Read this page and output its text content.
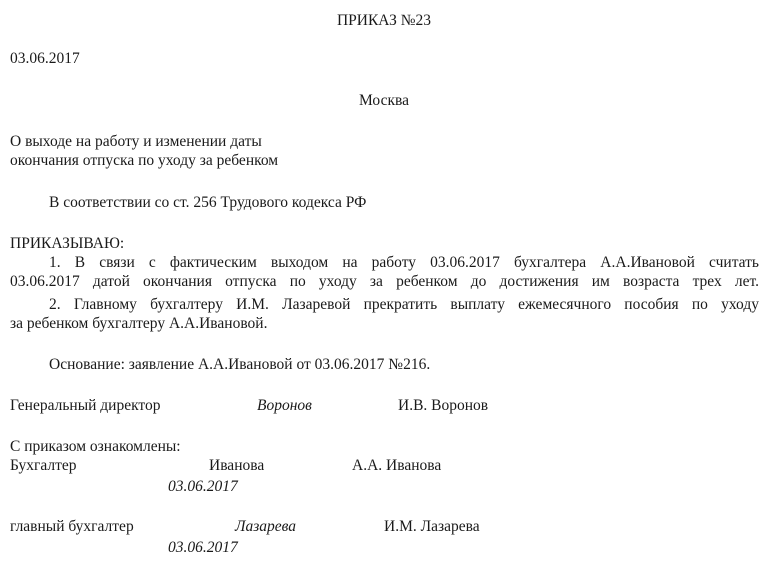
ПРИКАЗ №23
03.06.2017
Москва
О выходе на работу и изменении даты
окончания отпуска по уходу за ребенком
В соответствии со ст. 256 Трудового кодекса РФ
ПРИКАЗЫВАЮ:
1. В связи с фактическим выходом на работу 03.06.2017 бухгалтера А.А.Ивановой считать
03.06.2017 датой окончания отпуска по уходу за ребенком до достижения им возраста трех лет.
2. Главному бухгалтеру И.М. Лазаревой прекратить выплату ежемесячного пособия по уходу
за ребенком бухгалтеру А.А.Ивановой.
Основание: заявление А.А.Ивановой от 03.06.2017 №216.
Генеральный директор	Воронов	И.В. Воронов
С приказом ознакомлены:
Бухгалтер	Иванова	А.А. Иванова
03.06.2017
главный бухгалтер	Лазарева	И.М. Лазарева
03.06.2017
